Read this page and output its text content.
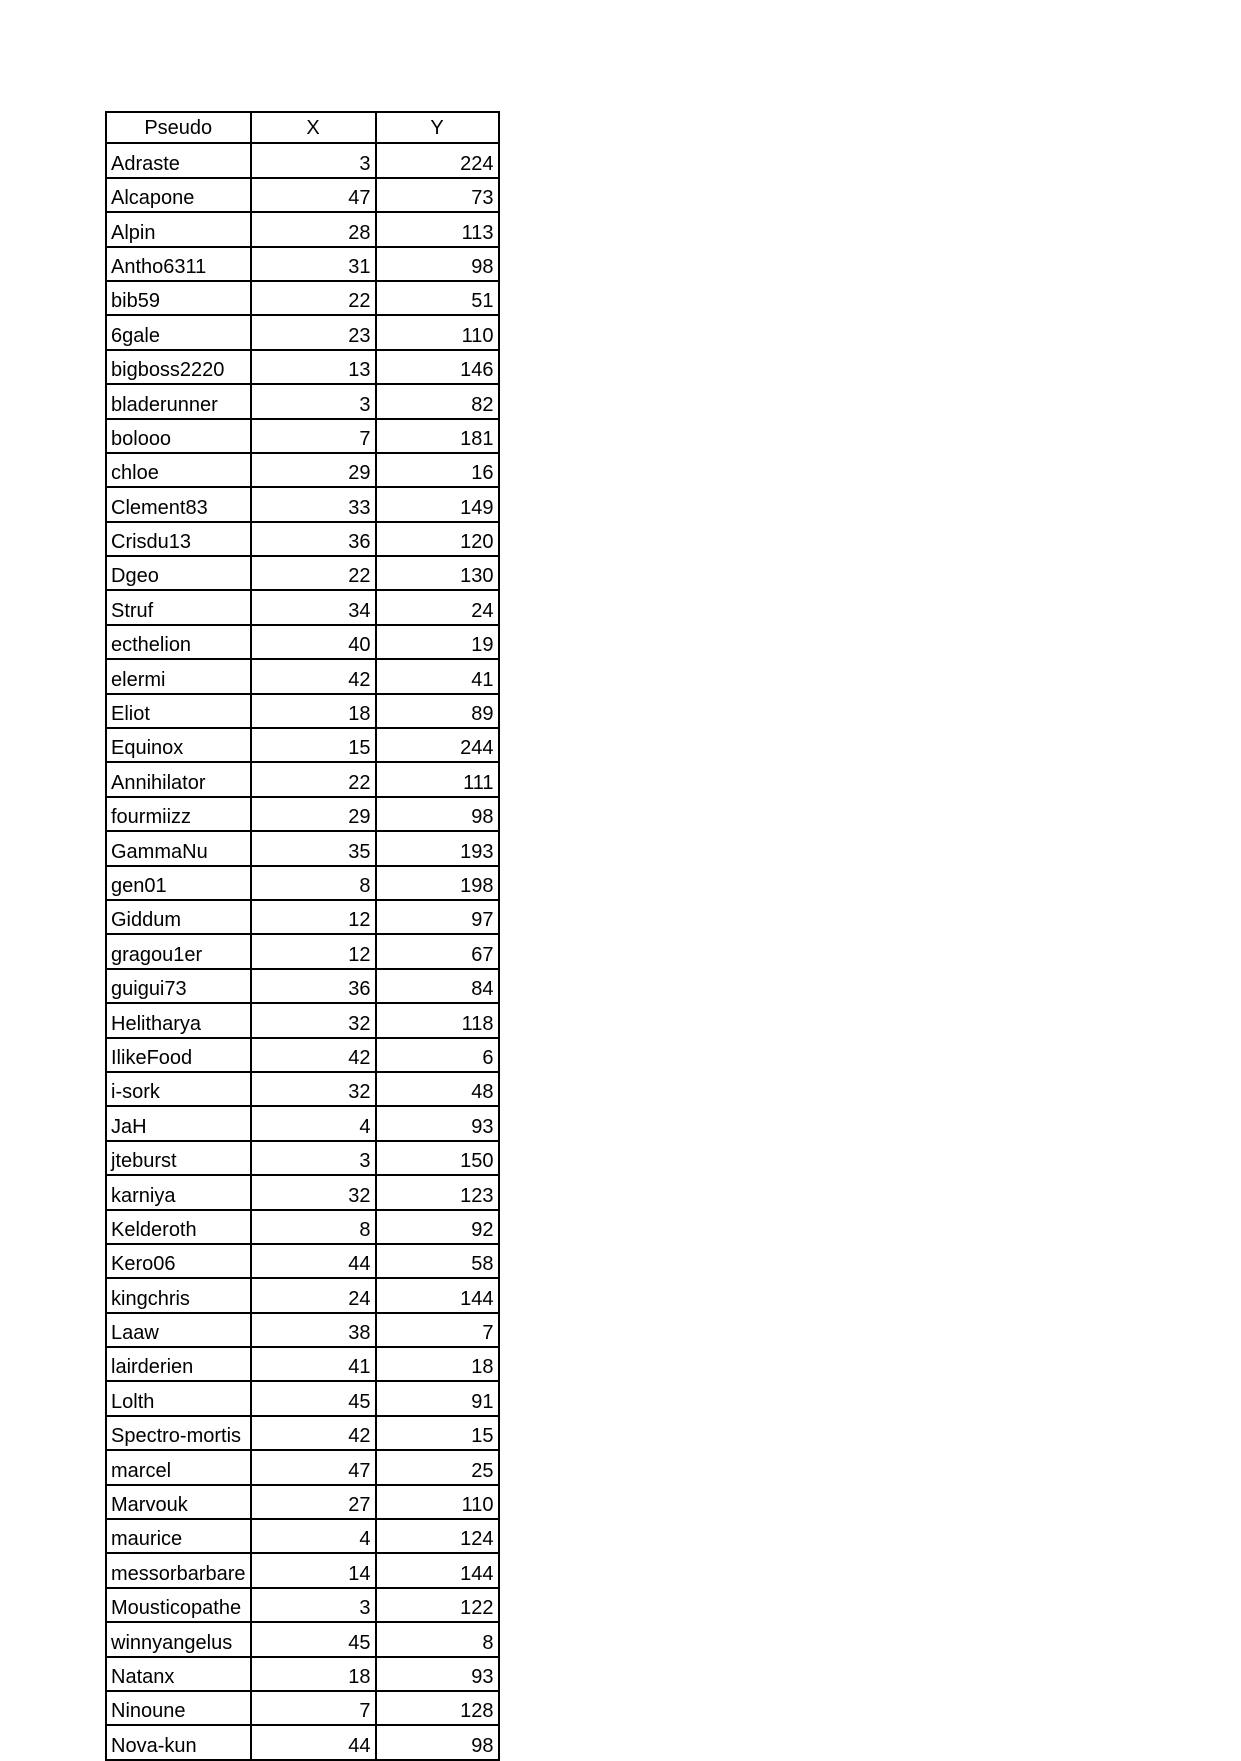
Pseudo	X	Y
Adraste	3	224
Alcapone	47	73
Alpin	28	113
Antho6311	31	98
bib59	22	51
6gale	23	110
bigboss2220	13	146
bladerunner	3	82
bolooo	7	181
chloe	29	16
Clement83	33	149
Crisdu13	36	120
Dgeo	22	130
Struf	34	24
ecthelion	40	19
elermi	42	41
Eliot	18	89
Equinox	15	244
Annihilator	22	111
fourmiizz	29	98
GammaNu	35	193
gen01	8	198
Giddum	12	97
gragou1er	12	67
guigui73	36	84
Helitharya	32	118
IlikeFood	42	6
i-sork	32	48
JaH	4	93
jteburst	3	150
karniya	32	123
Kelderoth	8	92
Kero06	44	58
kingchris	24	144
Laaw	38	7
lairderien	41	18
Lolth	45	91
Spectro-mortis	42	15
marcel	47	25
Marvouk	27	110
maurice	4	124
messorbarbare	14	144
Mousticopathe	3	122
winnyangelus	45	8
Natanx	18	93
Ninoune	7	128
Nova-kun	44	98
